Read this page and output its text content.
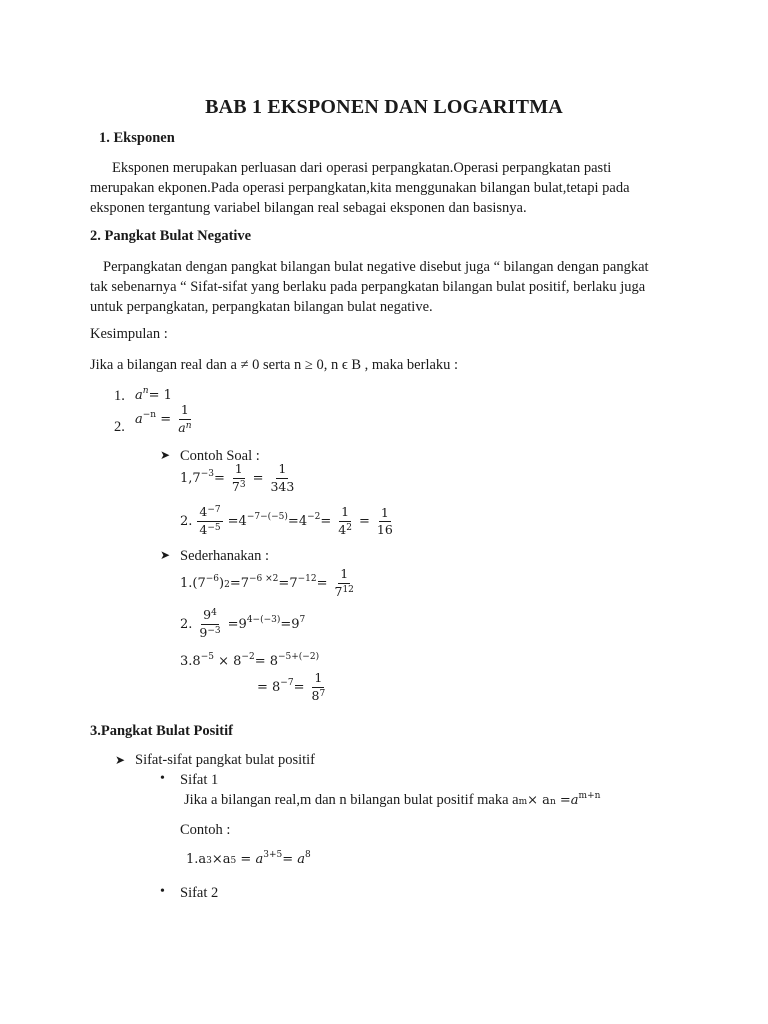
BAB 1 EKSPONEN DAN LOGARITMA
1. Eksponen
Eksponen merupakan perluasan dari operasi perpangkatan.Operasi perpangkatan pasti
merupakan ekponen.Pada operasi perpangkatan,kita menggunakan bilangan bulat,tetapi pada
eksponen tergantung variabel bilangan real sebagai eksponen dan basisnya.
2. Pangkat Bulat Negative
Perpangkatan dengan pangkat bilangan bulat negative disebut juga “ bilangan dengan pangkat
tak sebenarnya “ Sifat-sifat yang berlaku pada perpangkatan bilangan bulat positif, berlaku juga
untuk perpangkatan, perpangkatan bilangan bulat negative.
Kesimpulan :
Jika a bilangan real dan a ≠ 0 serta n ≥ 0, n ϵ B , maka berlaku :
1. $a^n= 1$
2. $a^{-n} = \frac{1}{a^n}$
➤ Contoh Soal :
$1,7^{-3}= \frac{1}{7^3} = \frac{1}{343}$
2. $\frac{4^{-7}}{4^{-5}} =4^{-7-(-5)}=4^{-2}= \frac{1}{4^2} = \frac{1}{16}$
➤ Sederhanakan :
$1.(7^{-6})2=7^{-6 \times 2}=7^{-12}= \frac{1}{7^{12}}$
2. $\frac{9^4}{9^{-3}} =9^{4-(-3)}=9^7$
$3.8^{-5} \times 8^{-2}= 8^{-5+(-2)}$
= $8^{-7}= \frac{1}{8^7}$
3.Pangkat Bulat Positif
➤ Sifat-sifat pangkat bulat positif
• Sifat 1
Jika a bilangan real,m dan n bilangan bulat positif maka am× an $=a^{m+n}$
Contoh :
$1.a3\times a5 = a^{3+5}= a^8$
• Sifat 2
